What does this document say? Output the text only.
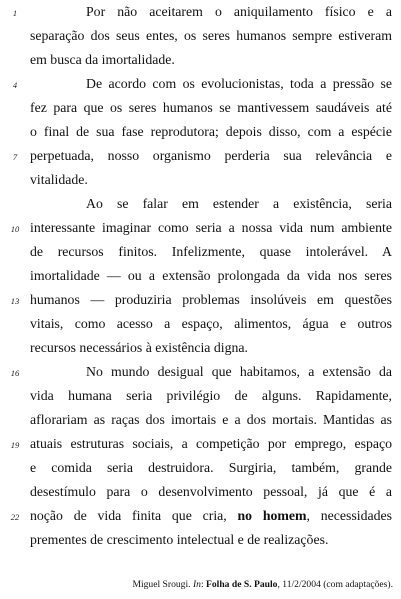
1	Por não aceitarem o aniquilamento físico e a
separação dos seus entes, os seres humanos sempre estiveram
em busca da imortalidade.
4	De acordo com os evolucionistas, toda a pressão se
fez para que os seres humanos se mantivessem saudáveis até
o final de sua fase reprodutora; depois disso, com a espécie
7 perpetuada, nosso organismo perderia sua relevância e
vitalidade.
Ao se falar em estender a existência, seria
10 interessante imaginar como seria a nossa vida num ambiente
de recursos finitos. Infelizmente, quase intolerável. A
imortalidade — ou a extensão prolongada da vida nos seres
13 humanos — produziria problemas insolúveis em questões
vitais, como acesso a espaço, alimentos, água e outros
recursos necessários à existência digna.
16	No mundo desigual que habitamos, a extensão da
vida humana seria privilégio de alguns. Rapidamente,
aflorariam as raças dos imortais e a dos mortais. Mantidas as
19 atuais estruturas sociais, a competição por emprego, espaço
e comida seria destruidora. Surgiria, também, grande
desestímulo para o desenvolvimento pessoal, já que é a
22 noção de vida finita que cria, no homem, necessidades
prementes de crescimento intelectual e de realizações.
Miguel Srougi. In: Folha de S. Paulo, 11/2/2004 (com adaptações).
